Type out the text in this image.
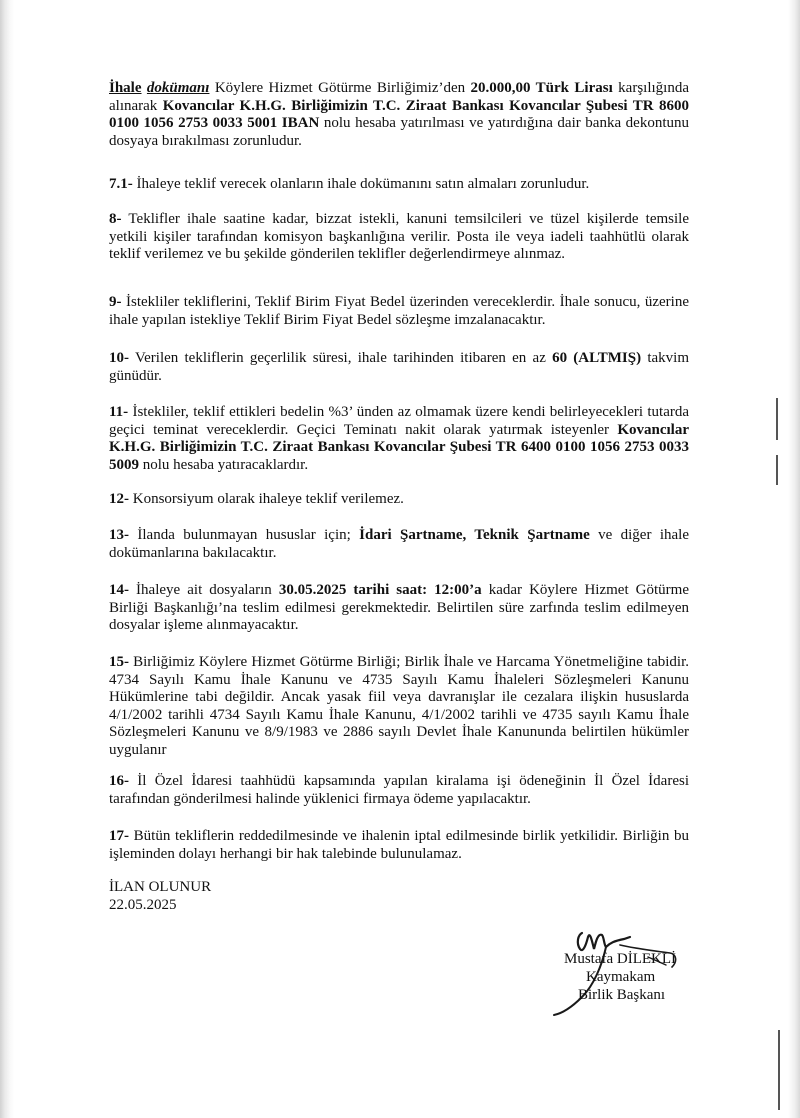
İhale dokümanı Köylere Hizmet Götürme Birliğimiz’den 20.000,00 Türk Lirası karşılığında alınarak Kovancılar K.H.G. Birliğimizin T.C. Ziraat Bankası Kovancılar Şubesi TR 8600 0100 1056 2753 0033 5001 IBAN nolu hesaba yatırılması ve yatırdığına dair banka dekontunu dosyaya bırakılması zorunludur.

7.1- İhaleye teklif verecek olanların ihale dokümanını satın almaları zorunludur.

8- Teklifler ihale saatine kadar, bizzat istekli, kanuni temsilcileri ve tüzel kişilerde temsile yetkili kişiler tarafından komisyon başkanlığına verilir. Posta ile veya iadeli taahhütlü olarak teklif verilemez ve bu şekilde gönderilen teklifler değerlendirmeye alınmaz.

9- İstekliler tekliflerini, Teklif Birim Fiyat Bedel üzerinden vereceklerdir. İhale sonucu, üzerine ihale yapılan istekliye Teklif Birim Fiyat Bedel sözleşme imzalanacaktır.

10- Verilen tekliflerin geçerlilik süresi, ihale tarihinden itibaren en az 60 (ALTMIŞ) takvim günüdür.

11- İstekliler, teklif ettikleri bedelin %3’ ünden az olmamak üzere kendi belirleyecekleri tutarda geçici teminat vereceklerdir. Geçici Teminatı nakit olarak yatırmak isteyenler Kovancılar K.H.G. Birliğimizin T.C. Ziraat Bankası Kovancılar Şubesi TR 6400 0100 1056 2753 0033 5009 nolu hesaba yatıracaklardır.

12- Konsorsiyum olarak ihaleye teklif verilemez.

13- İlanda bulunmayan hususlar için; İdari Şartname, Teknik Şartname ve diğer ihale dokümanlarına bakılacaktır.

14- İhaleye ait dosyaların 30.05.2025 tarihi saat: 12:00’a kadar Köylere Hizmet Götürme Birliği Başkanlığı’na teslim edilmesi gerekmektedir. Belirtilen süre zarfında teslim edilmeyen dosyalar işleme alınmayacaktır.

15- Birliğimiz Köylere Hizmet Götürme Birliği; Birlik İhale ve Harcama Yönetmeliğine tabidir. 4734 Sayılı Kamu İhale Kanunu ve 4735 Sayılı Kamu İhaleleri Sözleşmeleri Kanunu Hükümlerine tabi değildir. Ancak yasak fiil veya davranışlar ile cezalara ilişkin hususlarda 4/1/2002 tarihli 4734 Sayılı Kamu İhale Kanunu, 4/1/2002 tarihli ve 4735 sayılı Kamu İhale Sözleşmeleri Kanunu ve 8/9/1983 ve 2886 sayılı Devlet İhale Kanununda belirtilen hükümler uygulanır

16- İl Özel İdaresi taahhüdü kapsamında yapılan kiralama işi ödeneğinin İl Özel İdaresi tarafından gönderilmesi halinde yüklenici firmaya ödeme yapılacaktır.

17- Bütün tekliflerin reddedilmesinde ve ihalenin iptal edilmesinde birlik yetkilidir. Birliğin bu işleminden dolayı herhangi bir hak talebinde bulunulamaz.

İLAN OLUNUR
22.05.2025
Mustafa DİLEKLİ
Kaymakam
Birlik Başkanı
